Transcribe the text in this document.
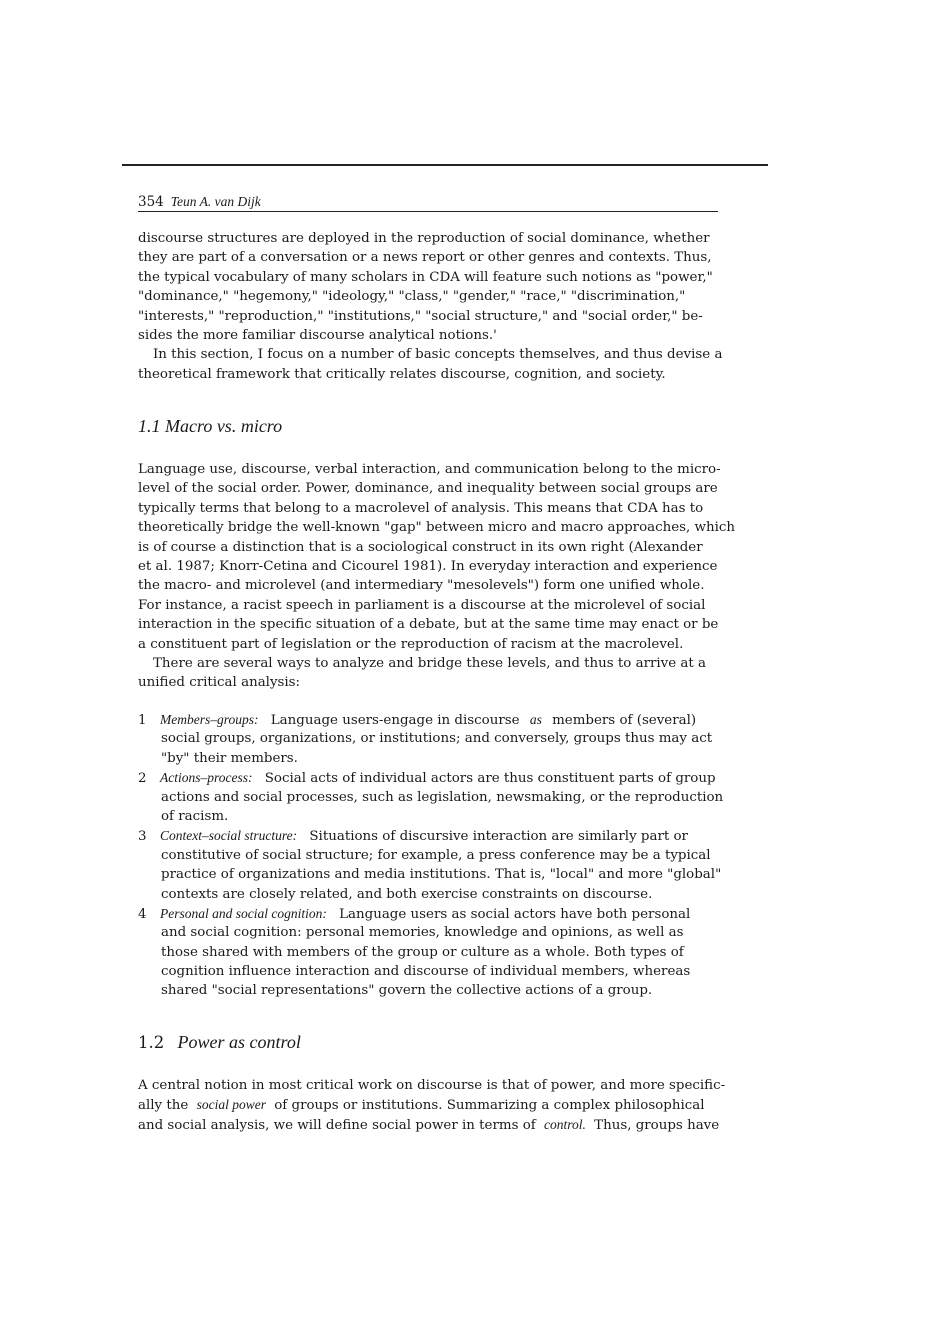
354 Teun A. van Dijk
discourse structures are deployed in the reproduction of social dominance, whether
they are part of a conversation or a news report or other genres and contexts. Thus,
the typical vocabulary of many scholars in CDA will feature such notions as "power,"
"dominance," "hegemony," "ideology," "class," "gender," "race," "discrimination,"
"interests," "reproduction," "institutions," "social structure," and "social order," be-
sides the more familiar discourse analytical notions.'
In this section, I focus on a number of basic concepts themselves, and thus devise a
theoretical framework that critically relates discourse, cognition, and society.
1.1 Macro vs. micro
Language use, discourse, verbal interaction, and communication belong to the micro-
level of the social order. Power, dominance, and inequality between social groups are
typically terms that belong to a macrolevel of analysis. This means that CDA has to
theoretically bridge the well-known "gap" between micro and macro approaches, which
is of course a distinction that is a sociological construct in its own right (Alexander
et al. 1987; Knorr-Cetina and Cicourel 1981). In everyday interaction and experience
the macro- and microlevel (and intermediary "mesolevels") form one unified whole.
For instance, a racist speech in parliament is a discourse at the microlevel of social
interaction in the specific situation of a debate, but at the same time may enact or be
a constituent part of legislation or the reproduction of racism at the macrolevel.
There are several ways to analyze and bridge these levels, and thus to arrive at a
unified critical analysis:
1 Members–groups: Language users-engage in discourse as members of (several)
social groups, organizations, or institutions; and conversely, groups thus may act
"by" their members.
2 Actions–process: Social acts of individual actors are thus constituent parts of group
actions and social processes, such as legislation, newsmaking, or the reproduction
of racism.
3 Context–social structure: Situations of discursive interaction are similarly part or
constitutive of social structure; for example, a press conference may be a typical
practice of organizations and media institutions. That is, "local" and more "global"
contexts are closely related, and both exercise constraints on discourse.
4 Personal and social cognition: Language users as social actors have both personal
and social cognition: personal memories, knowledge and opinions, as well as
those shared with members of the group or culture as a whole. Both types of
cognition influence interaction and discourse of individual members, whereas
shared "social representations" govern the collective actions of a group.
1.2 Power as control
A central notion in most critical work on discourse is that of power, and more specific-
ally the social power of groups or institutions. Summarizing a complex philosophical
and social analysis, we will define social power in terms of control. Thus, groups have
